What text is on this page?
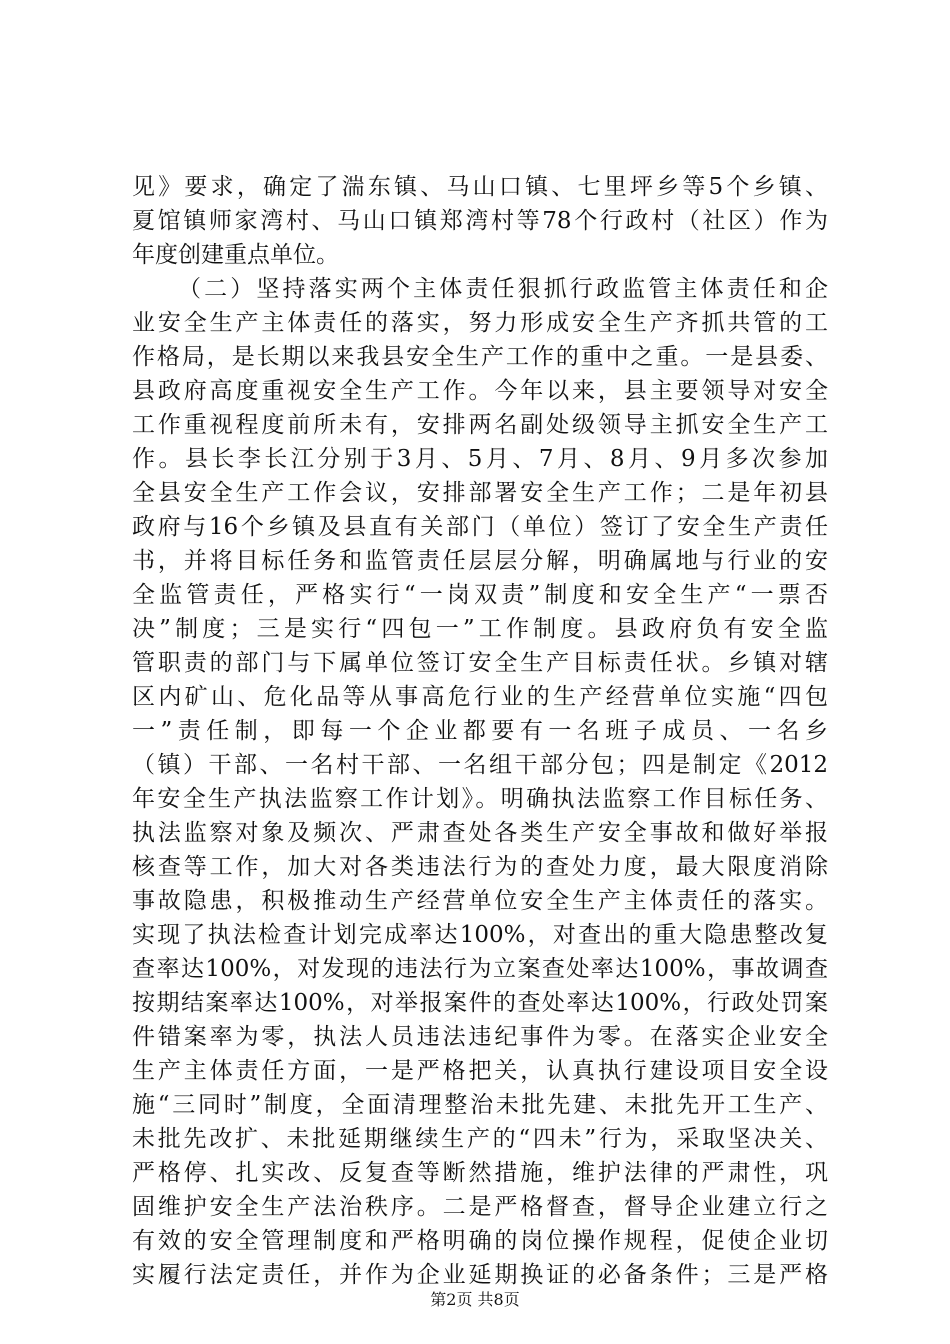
见》要求，确定了湍东镇、马山口镇、七里坪乡等5个乡镇、
夏馆镇师家湾村、马山口镇郑湾村等78个行政村（社区）作为
年度创建重点单位。
（二）坚持落实两个主体责任狠抓行政监管主体责任和企
业安全生产主体责任的落实，努力形成安全生产齐抓共管的工
作格局，是长期以来我县安全生产工作的重中之重。一是县委、
县政府高度重视安全生产工作。今年以来，县主要领导对安全
工作重视程度前所未有，安排两名副处级领导主抓安全生产工
作。县长李长江分别于3月、5月、7月、8月、9月多次参加
全县安全生产工作会议，安排部署安全生产工作；二是年初县
政府与16个乡镇及县直有关部门（单位）签订了安全生产责任
书，并将目标任务和监管责任层层分解，明确属地与行业的安
全监管责任，严格实行“一岗双责”制度和安全生产“一票否
决”制度；三是实行“四包一”工作制度。县政府负有安全监
管职责的部门与下属单位签订安全生产目标责任状。乡镇对辖
区内矿山、危化品等从事高危行业的生产经营单位实施“四包
一”责任制，即每一个企业都要有一名班子成员、一名乡
（镇）干部、一名村干部、一名组干部分包；四是制定《2012
年安全生产执法监察工作计划》。明确执法监察工作目标任务、
执法监察对象及频次、严肃查处各类生产安全事故和做好举报
核查等工作，加大对各类违法行为的查处力度，最大限度消除
事故隐患，积极推动生产经营单位安全生产主体责任的落实。
实现了执法检查计划完成率达100%，对查出的重大隐患整改复
查率达100%，对发现的违法行为立案查处率达100%，事故调查
按期结案率达100%，对举报案件的查处率达100%，行政处罚案
件错案率为零，执法人员违法违纪事件为零。在落实企业安全
生产主体责任方面，一是严格把关，认真执行建设项目安全设
施“三同时”制度，全面清理整治未批先建、未批先开工生产、
未批先改扩、未批延期继续生产的“四未”行为，采取坚决关、
严格停、扎实改、反复查等断然措施，维护法律的严肃性，巩
固维护安全生产法治秩序。二是严格督查，督导企业建立行之
有效的安全管理制度和严格明确的岗位操作规程，促使企业切
实履行法定责任，并作为企业延期换证的必备条件；三是严格
第2页 共8页
